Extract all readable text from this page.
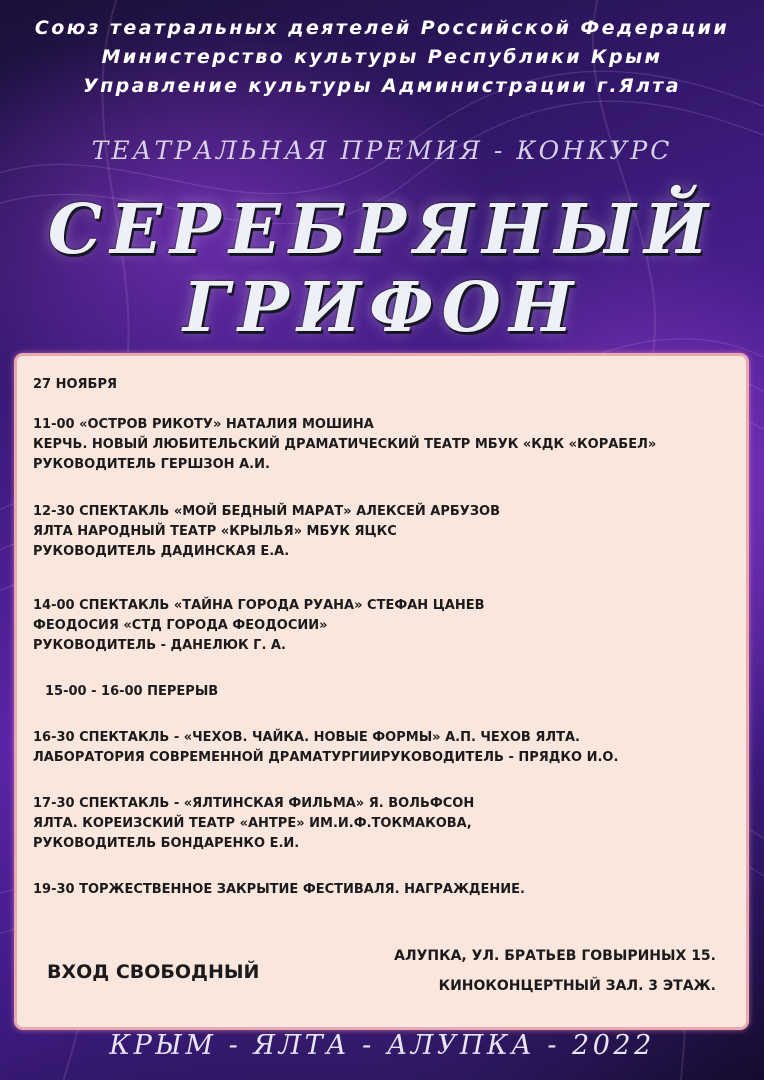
Союз театральных деятелей Российской Федерации
Министерство культуры Республики Крым
Управление культуры Администрации г.Ялта
ТЕАТРАЛЬНАЯ ПРЕМИЯ - КОНКУРС
СЕРЕБРЯНЫЙ
ГРИФОН
27 НОЯБРЯ
11-00 «ОСТРОВ РИКОТУ» НАТАЛИЯ МОШИНА
КЕРЧЬ. НОВЫЙ ЛЮБИТЕЛЬСКИЙ ДРАМАТИЧЕСКИЙ ТЕАТР МБУК «КДК «КОРАБЕЛ»
РУКОВОДИТЕЛЬ ГЕРШЗОН А.И.
12-30 СПЕКТАКЛЬ «МОЙ БЕДНЫЙ МАРАТ» АЛЕКСЕЙ АРБУЗОВ
ЯЛТА НАРОДНЫЙ ТЕАТР «КРЫЛЬЯ» МБУК ЯЦКС
РУКОВОДИТЕЛЬ ДАДИНСКАЯ Е.А.
14-00 СПЕКТАКЛЬ «ТАЙНА ГОРОДА РУАНА» СТЕФАН ЦАНЕВ
ФЕОДОСИЯ «СТД ГОРОДА ФЕОДОСИИ»
РУКОВОДИТЕЛЬ - ДАНЕЛЮК Г. А.
15-00 - 16-00 ПЕРЕРЫВ
16-30 СПЕКТАКЛЬ - «ЧЕХОВ. ЧАЙКА. НОВЫЕ ФОРМЫ» А.П. ЧЕХОВ ЯЛТА.
ЛАБОРАТОРИЯ СОВРЕМЕННОЙ ДРАМАТУРГИИРУКОВОДИТЕЛЬ - ПРЯДКО И.О.
17-30 СПЕКТАКЛЬ - «ЯЛТИНСКАЯ ФИЛЬМА» Я. ВОЛЬФСОН
ЯЛТА. КОРЕИЗСКИЙ ТЕАТР «АНТРЕ» ИМ.И.Ф.ТОКМАКОВА,
РУКОВОДИТЕЛЬ БОНДАРЕНКО Е.И.
19-30 ТОРЖЕСТВЕННОЕ ЗАКРЫТИЕ ФЕСТИВАЛЯ. НАГРАЖДЕНИЕ.
ВХОД СВОБОДНЫЙ
АЛУПКА, УЛ. БРАТЬЕВ ГОВЫРИНЫХ 15.
КИНОКОНЦЕРТНЫЙ ЗАЛ. 3 ЭТАЖ.
КРЫМ - ЯЛТА - АЛУПКА - 2022
